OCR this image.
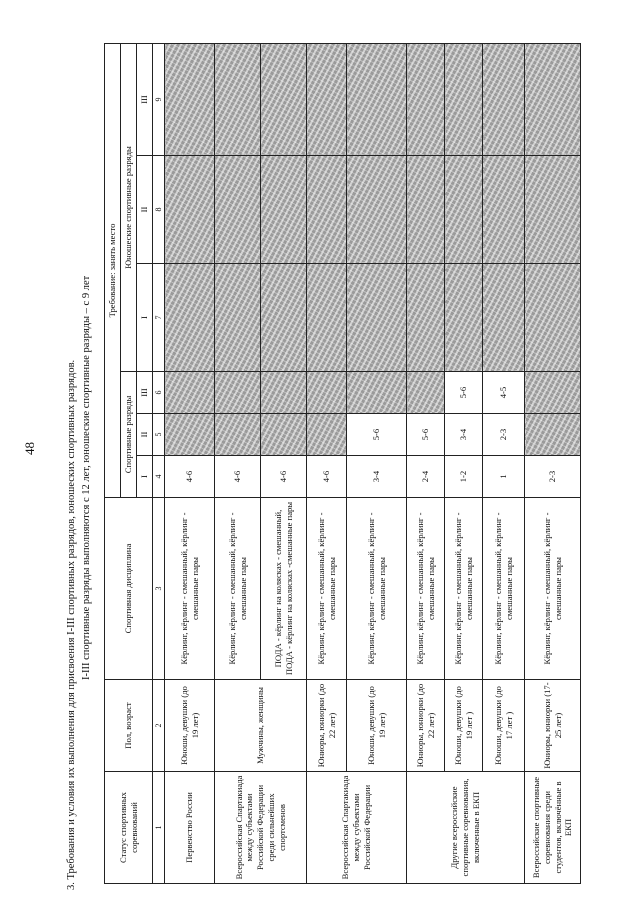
48	3. Требования и условия их выполнения для присвоения I-III спортивных разрядов, юношеских спортивных разрядов. I-III спортивные разряды выполняются с 12 лет, юношеские спортивные разряды – с 9 лет
Статус спортивных соревнований	Пол, возраст	Спортивная дисциплина	Требование: занять место					
			Спортивные разряды			Юношеские спортивные разряды		
			I	II	III	I	II	III
1	2	3	4	5	6	7	8	9
Первенство России	Юноши, девушки (до 19 лет)	Кёрлинг, кёрлинг - смешанный, кёрлинг - смешанные пары	4-6					
Всероссийская Спартакиада между субъектами Российской Федерации среди сильнейших спортсменов	Мужчины, женщины	Кёрлинг, кёрлинг - смешанный, кёрлинг - смешанные пары	4-6					
		ПОДА - кёрлинг на колясках - смешанный, ПОДА - кёрлинг на колясках -смешанные пары	4-6					
Всероссийская Спартакиада между субъектами Российской Федерации	Юниоры, юниорки (до 22 лет)	Кёрлинг, кёрлинг - смешанный, кёрлинг - смешанные пары	4-6					
	Юноши, девушки (до 19 лет)	Кёрлинг, кёрлинг - смешанный, кёрлинг - смешанные пары	3-4	5-6				
Другие всероссийские спортивные соревнования, включенные в ЕКП	Юниоры, юниорки (до 22 лет)	Кёрлинг, кёрлинг - смешанный, кёрлинг - смешанные пары	2-4	5-6				
	Юноши, девушки (до 19 лет )	Кёрлинг, кёрлинг - смешанный, кёрлинг - смешанные пары	1-2	3-4	5-6			
	Юноши, девушки (до 17 лет )	Кёрлинг, кёрлинг - смешанный, кёрлинг - смешанные пары	1	2-3	4-5			
Всероссийские спортивные соревнования среди студентов, включённые в ЕКП	Юниоры, юниорки (17-25 лет)	Кёрлинг, кёрлинг - смешанный, кёрлинг - смешанные пары	2-3					
